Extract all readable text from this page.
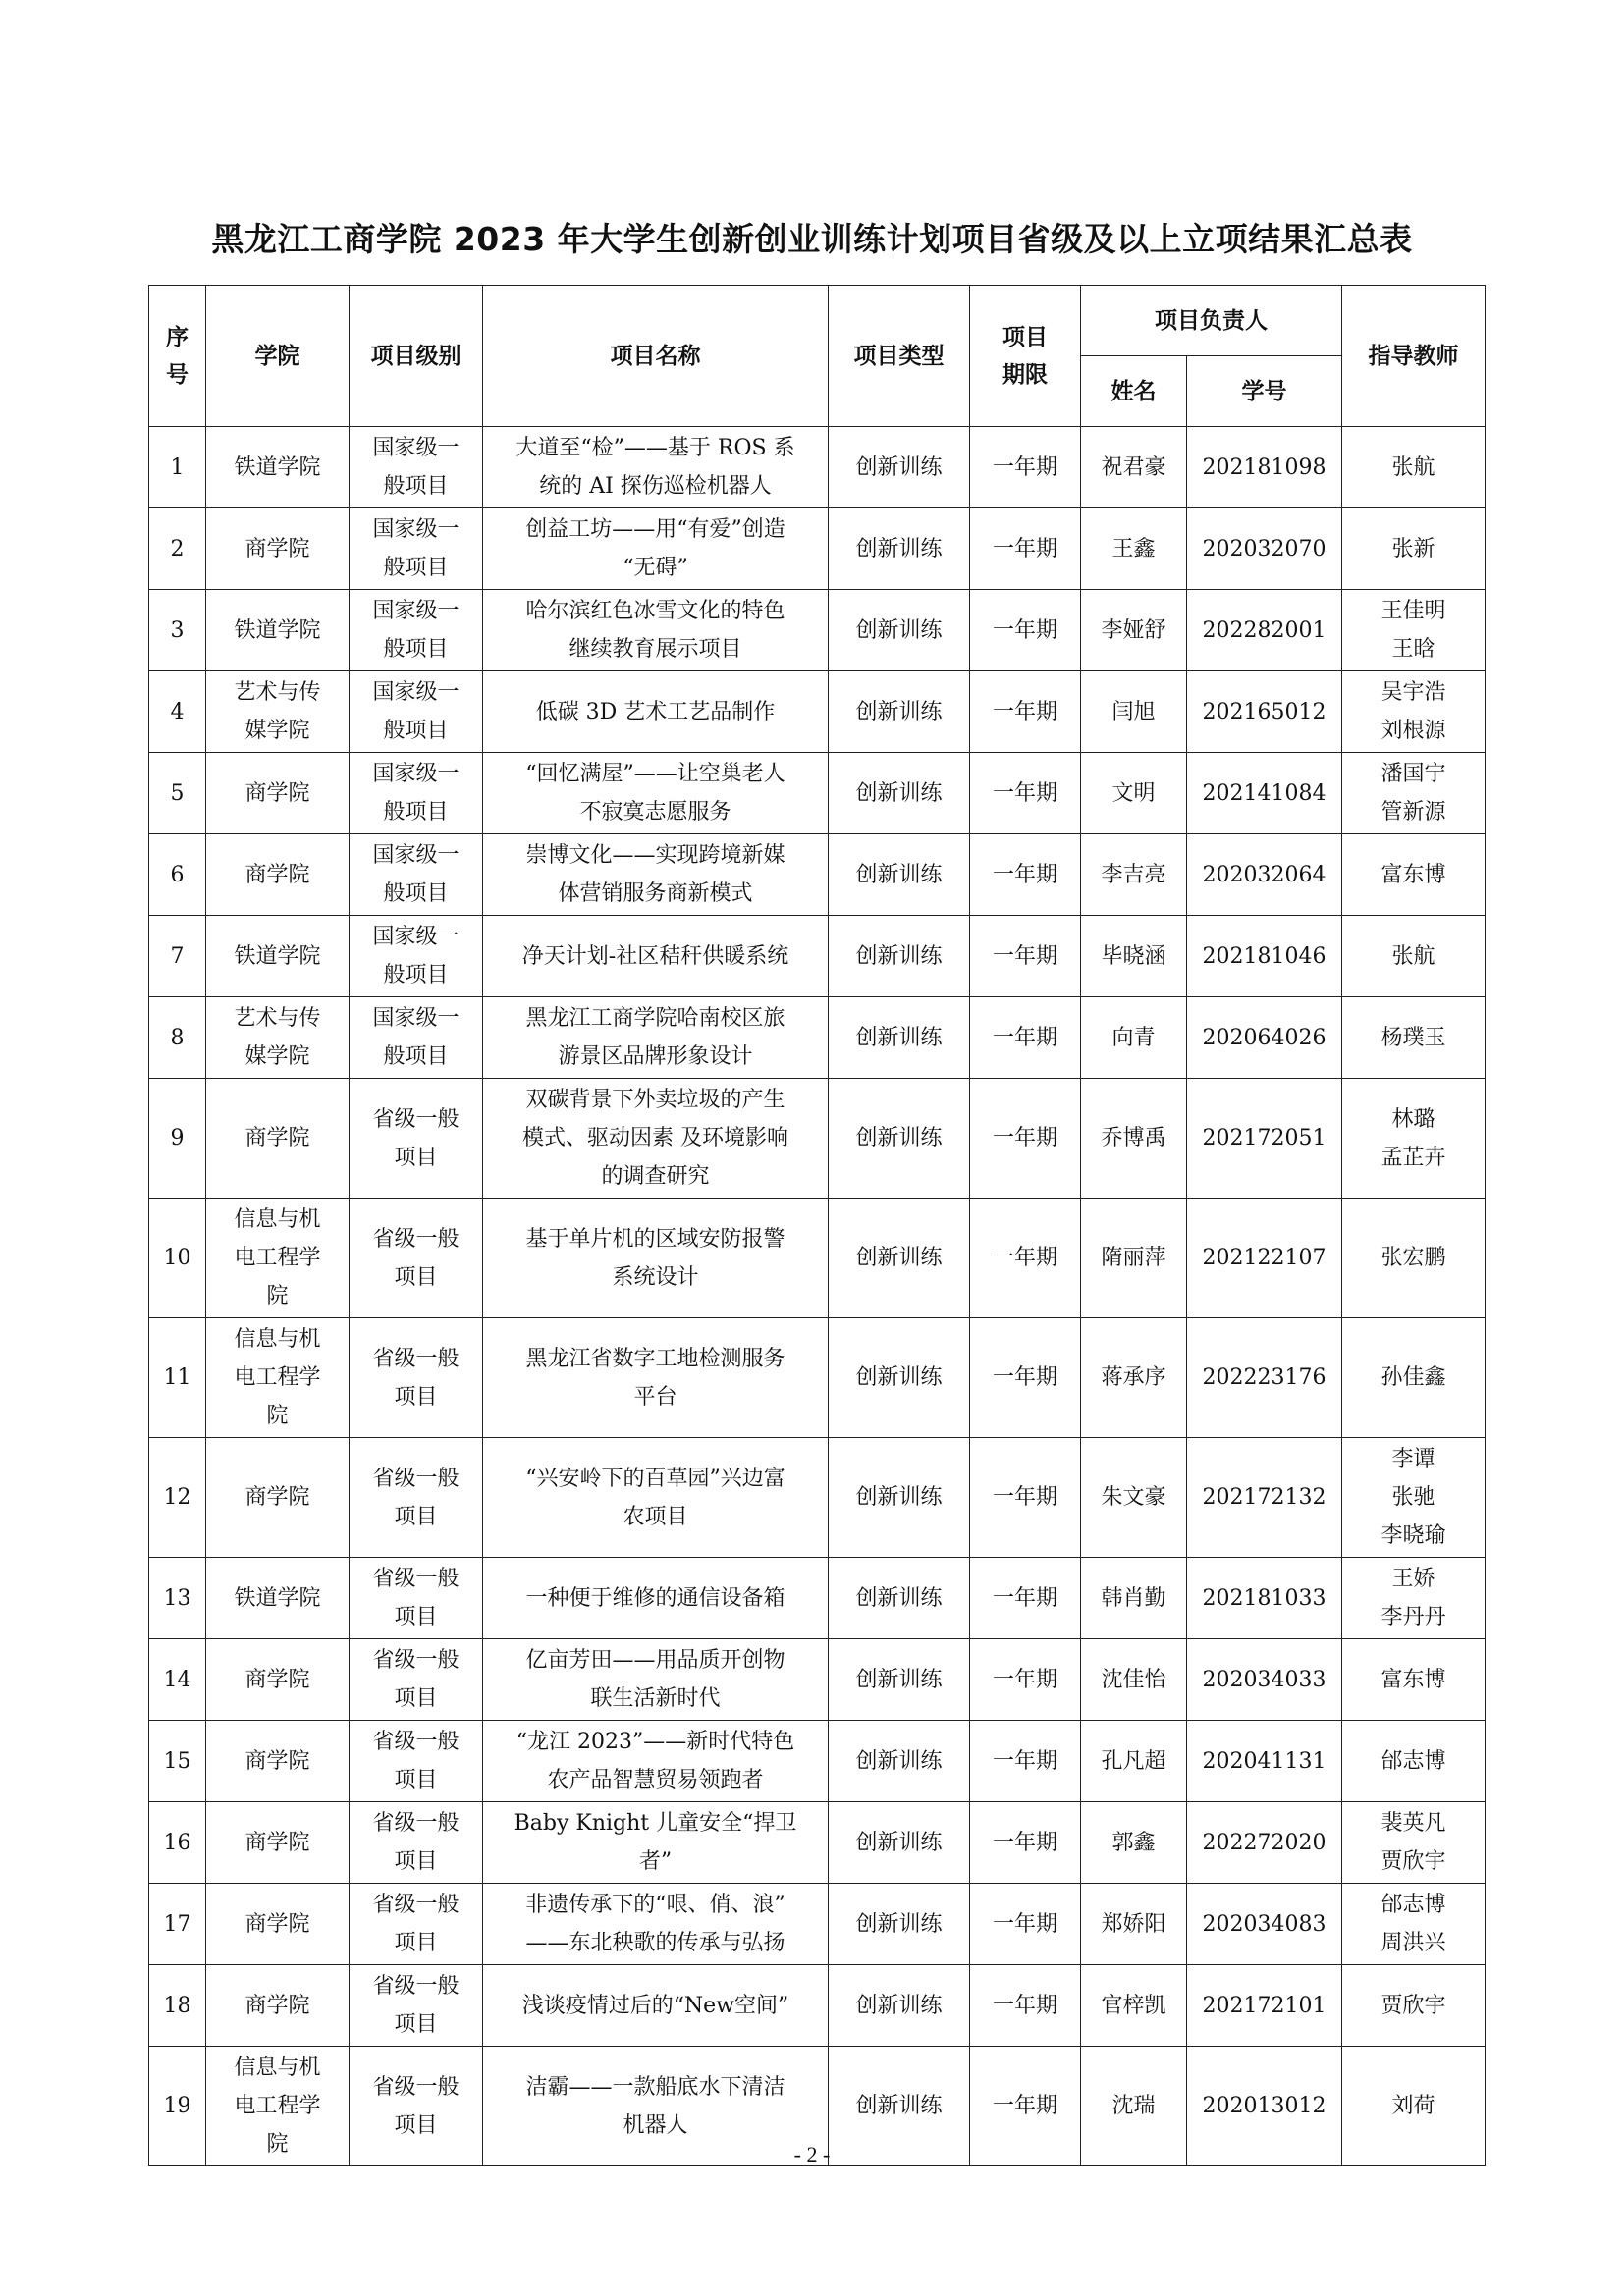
黑龙江工商学院 2023 年大学生创新创业训练计划项目省级及以上立项结果汇总表
序号	学院	项目级别	项目名称	项目类型	项目期限	项目负责人		指导教师
						姓名	学号	
1	铁道学院	国家级一
般项目	大道至“检”——基于 ROS 系
统的 AI 探伤巡检机器人	创新训练	一年期	祝君豪	202181098	张航

2	商学院	国家级一
般项目	创益工坊——用“有爱”创造
“无碍”	创新训练	一年期	王鑫	202032070	张新

3	铁道学院	国家级一
般项目	哈尔滨红色冰雪文化的特色
继续教育展示项目	创新训练	一年期	李娅舒	202282001	王佳明
王晗

4	艺术与传
媒学院	国家级一
般项目	低碳 3D 艺术工艺品制作	创新训练	一年期	闫旭	202165012	吴宇浩
刘根源

5	商学院	国家级一
般项目	“回忆满屋”——让空巢老人
不寂寞志愿服务	创新训练	一年期	文明	202141084	潘国宁
管新源

6	商学院	国家级一
般项目	崇博文化——实现跨境新媒
体营销服务商新模式	创新训练	一年期	李吉亮	202032064	富东博

7	铁道学院	国家级一
般项目	净天计划-社区秸秆供暖系统	创新训练	一年期	毕晓涵	202181046	张航

8	艺术与传
媒学院	国家级一
般项目	黑龙江工商学院哈南校区旅
游景区品牌形象设计	创新训练	一年期	向青	202064026	杨璞玉

9	商学院	省级一般
项目	双碳背景下外卖垃圾的产生
模式、驱动因素 及环境影响
的调查研究	创新训练	一年期	乔博禹	202172051	林璐
孟芷卉

10	信息与机
电工程学
院	省级一般
项目	基于单片机的区域安防报警
系统设计	创新训练	一年期	隋丽萍	202122107	张宏鹏

11	信息与机
电工程学
院	省级一般
项目	黑龙江省数字工地检测服务
平台	创新训练	一年期	蒋承序	202223176	孙佳鑫

12	商学院	省级一般
项目	“兴安岭下的百草园”兴边富
农项目	创新训练	一年期	朱文豪	202172132	李谭
张驰
李晓瑜

13	铁道学院	省级一般
项目	一种便于维修的通信设备箱	创新训练	一年期	韩肖勤	202181033	王娇
李丹丹

14	商学院	省级一般
项目	亿亩芳田——用品质开创物
联生活新时代	创新训练	一年期	沈佳怡	202034033	富东博

15	商学院	省级一般
项目	“龙江 2023”——新时代特色
农产品智慧贸易领跑者	创新训练	一年期	孔凡超	202041131	邰志博

16	商学院	省级一般
项目	Baby Knight 儿童安全“捍卫
者”	创新训练	一年期	郭鑫	202272020	裴英凡
贾欣宇

17	商学院	省级一般
项目	非遗传承下的“哏、俏、浪”
——东北秧歌的传承与弘扬	创新训练	一年期	郑娇阳	202034083	邰志博
周洪兴

18	商学院	省级一般
项目	浅谈疫情过后的“New空间”	创新训练	一年期	官梓凯	202172101	贾欣宇

19	信息与机
电工程学
院	省级一般
项目	洁霸——一款船底水下清洁
机器人	创新训练	一年期	沈瑞	202013012	刘荷
- 2 -
